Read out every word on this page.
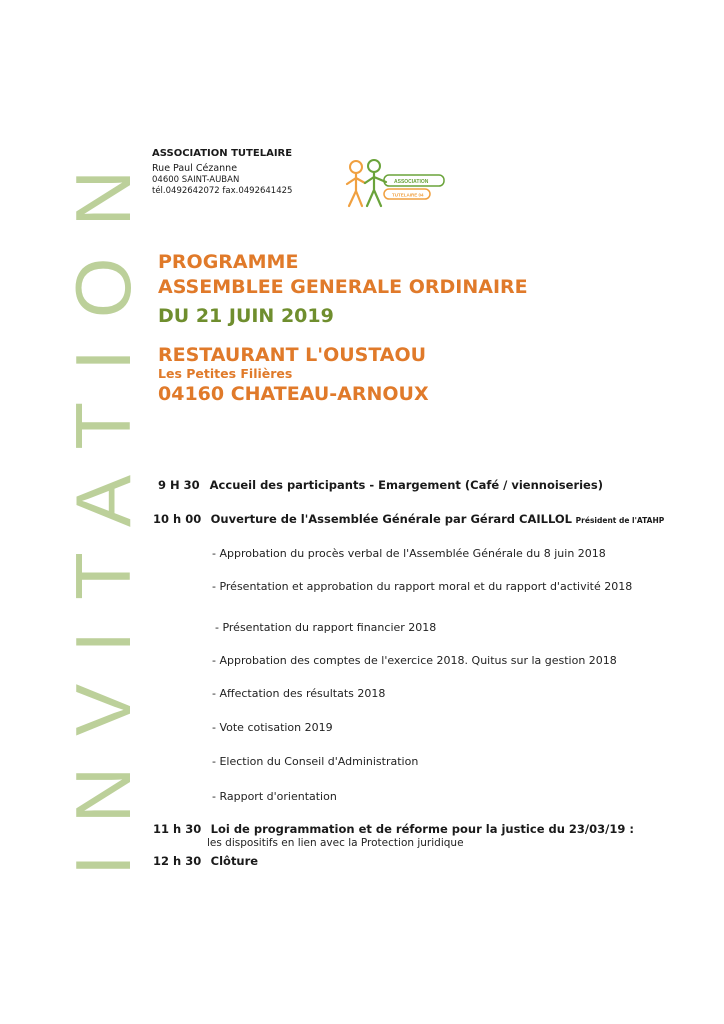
INVITATION
ASSOCIATION TUTELAIRE
Rue Paul Cézanne
04600 SAINT-AUBAN
tél.0492642072 fax.0492641425
ASSOCIATION
TUTELAIRE 04
PROGRAMME
ASSEMBLEE GENERALE ORDINAIRE
DU 21 JUIN 2019
RESTAURANT L'OUSTAOU
Les Petites Filières
04160 CHATEAU-ARNOUX
9 H 30 Accueil des participants - Emargement (Café / viennoiseries)
10 h 00 Ouverture de l'Assemblée Générale par Gérard CAILLOL Président de l'ATAHP
- Approbation du procès verbal de l'Assemblée Générale du 8 juin 2018
- Présentation et approbation du rapport moral et du rapport d'activité 2018
- Présentation du rapport financier 2018
- Approbation des comptes de l'exercice 2018. Quitus sur la gestion 2018
- Affectation des résultats 2018
- Vote cotisation 2019
- Election du Conseil d'Administration
- Rapport d'orientation
11 h 30 Loi de programmation et de réforme pour la justice du 23/03/19 :
les dispositifs en lien avec la Protection juridique
12 h 30 Clôture
